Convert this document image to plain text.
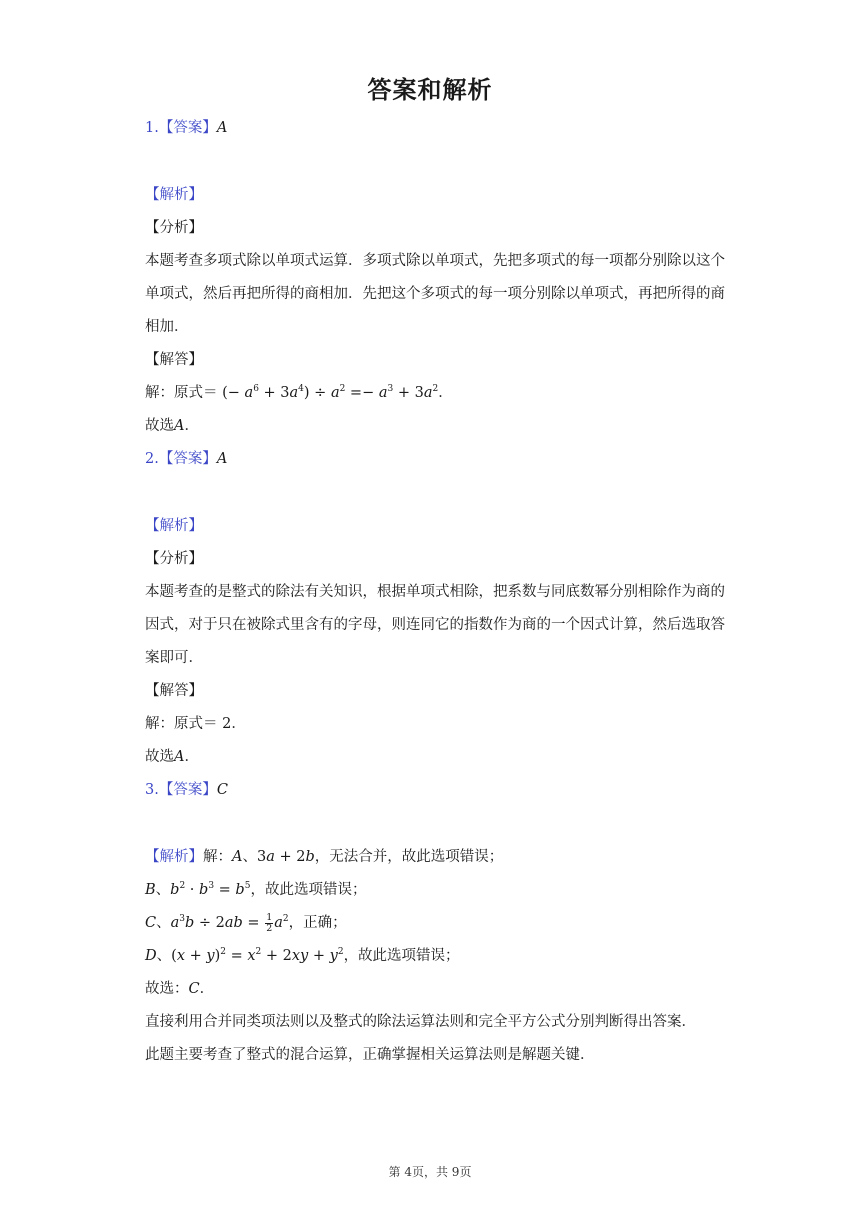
答案和解析
1.【答案】A
【解析】
【分析】
本题考查多项式除以单项式运算．多项式除以单项式，先把多项式的每一项都分别除以这个单项式，然后再把所得的商相加．先把这个多项式的每一项分别除以单项式，再把所得的商相加．
【解答】
解：原式＝ (− $a^6 + 3a^4) \div a^2 =- a^3 + 3a^2$．
故选A．
2.【答案】A
【解析】
【分析】
本题考查的是整式的除法有关知识，根据单项式相除，把系数与同底数幂分别相除作为商的因式，对于只在被除式里含有的字母，则连同它的指数作为商的一个因式计算，然后选取答案即可．
【解答】
解：原式＝ 2．
故选A．
3.【答案】C
【解析】解：A、3a + 2b，无法合并，故此选项错误；
B、$b^2 \cdot b^3 = b^5$，故此选项错误；
C、$a^3b \div 2ab = \frac{1}{2} a^2$，正确；
D、$(x + y)^2 = x^2 + 2xy + y^2$，故此选项错误；
故选：C．
直接利用合并同类项法则以及整式的除法运算法则和完全平方公式分别判断得出答案．
此题主要考查了整式的混合运算，正确掌握相关运算法则是解题关键．
第 4页，共 9页
